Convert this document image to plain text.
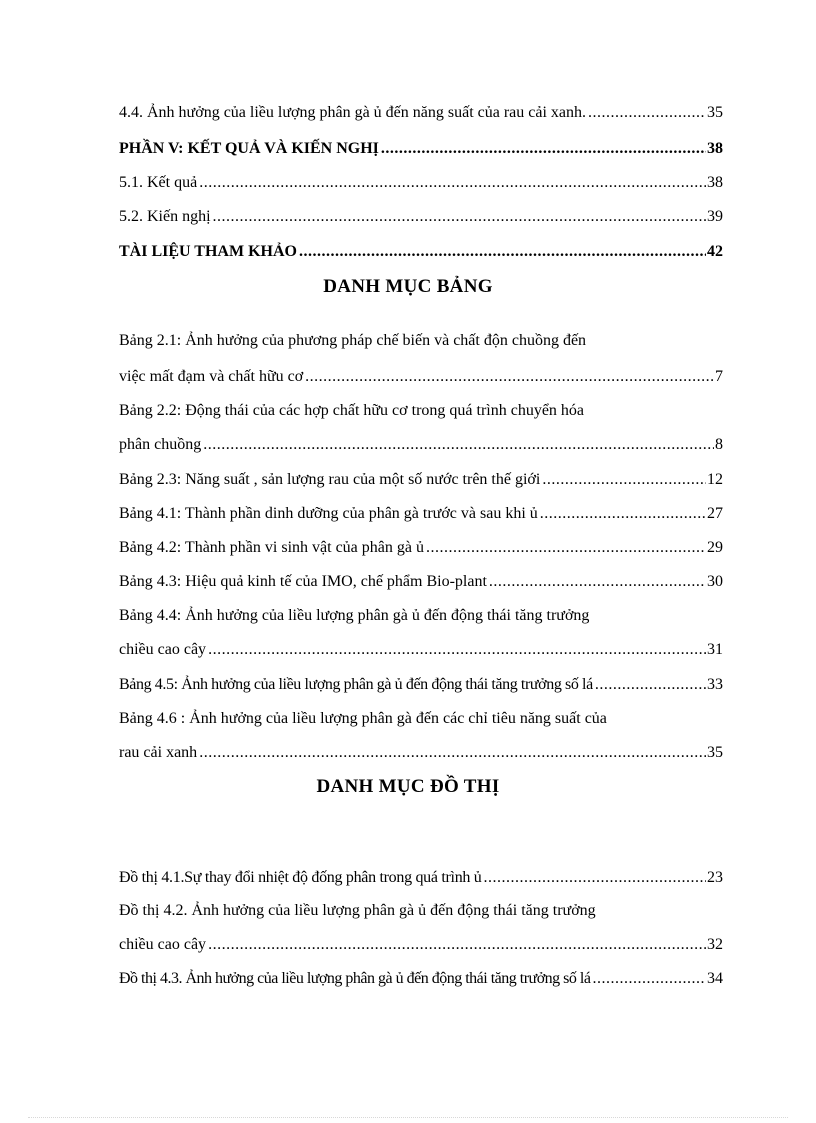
4.4. Ảnh hưởng của liều lượng phân gà ủ đến năng suất của rau cải xanh. .....	35
PHẦN V: KẾT QUẢ VÀ KIẾN NGHỊ .....	38
5.1. Kết quả .....	38
5.2. Kiến nghị .....	39
TÀI LIỆU THAM KHẢO .....	42
DANH MỤC BẢNG
Bảng 2.1: Ảnh hưởng của phương pháp chế biến và chất độn chuồng đến
việc mất đạm và chất hữu cơ .....	7
Bảng 2.2: Động thái của các hợp chất hữu cơ trong quá trình chuyển hóa
phân chuồng .....	8
Bảng 2.3: Năng suất , sản lượng rau của một số nước trên thế giới .....	12
Bảng 4.1: Thành phần dinh dưỡng của phân gà trước và sau khi ủ .....	27
Bảng 4.2: Thành phần vi sinh vật của phân gà ủ .....	29
Bảng 4.3: Hiệu quả kinh tế của IMO, chế phẩm Bio-plant .....	30
Bảng 4.4: Ảnh hưởng của liều lượng phân gà ủ đến động thái tăng trưởng
chiều cao cây .....	31
Bảng 4.5: Ảnh hưởng của liều lượng phân gà ủ đến động thái tăng trưởng số lá .....	33
Bảng 4.6 : Ảnh hưởng của liều lượng phân gà đến các chỉ tiêu năng suất của
rau cải xanh .....	35
DANH MỤC ĐỒ THỊ
Đồ thị 4.1.Sự thay đổi nhiệt độ đống phân trong quá trình ủ .....	23
Đồ thị 4.2. Ảnh hưởng của liều lượng phân gà ủ đến động thái tăng trưởng
chiều cao cây .....	32
Đồ thị 4.3. Ảnh hưởng của liều lượng phân gà ủ đến động thái tăng trưởng số lá .....	34
